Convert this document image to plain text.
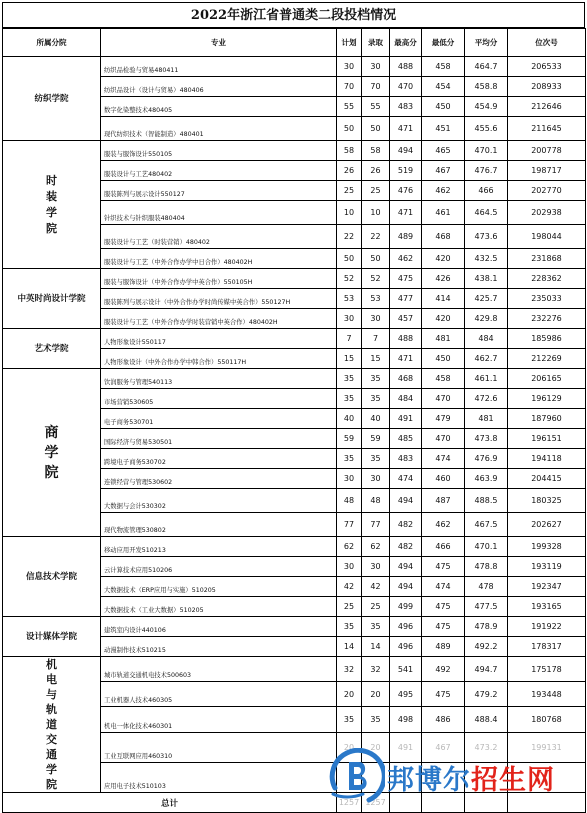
2022年浙江省普通类二段投档情况
所属分院	专业	计划	录取	最高分	最低分	平均分	位次号
纺织学院	纺织品检验与贸易480411	30	30	488	458	464.7	206533
	纺织品设计（设计与贸易）480406	70	70	470	454	458.8	208933
	数字化染整技术480405	55	55	483	450	454.9	212646
	现代纺织技术（智能制造）480401	50	50	471	451	455.6	211645
时装学院	服装与服饰设计550105	58	58	494	465	470.1	200778
	服装设计与工艺480402	26	26	519	467	476.7	198717
	服装陈列与展示设计550127	25	25	476	462	466	202770
	针织技术与针织服装480404	10	10	471	461	464.5	202938
	服装设计与工艺（时装营销）480402	22	22	489	468	473.6	198044
	服装设计与工艺（中外合作办学中日合作）480402H	50	50	462	420	432.5	231868
中英时尚设计学院	服装与服饰设计（中外合作办学中英合作）550105H	52	52	475	426	438.1	228362
	服装陈列与展示设计（中外合作办学时尚传媒中英合作）550127H	53	53	477	414	425.7	235033
	服装设计与工艺（中外合作办学时装营销中英合作）480402H	30	30	457	420	429.8	232276
艺术学院	人物形象设计550117	7	7	488	481	484	185986
	人物形象设计（中外合作办学中韩合作）550117H	15	15	471	450	462.7	212269
商学院	饮润服务与管理540113	35	35	468	458	461.1	206165
	市场营销530605	35	35	484	470	472.6	196129
	电子商务530701	40	40	491	479	481	187960
	国际经济与贸易530501	59	59	485	470	473.8	196151
	跨境电子商务530702	35	35	483	474	476.9	194118
	连锁经营与管理530602	30	30	474	460	463.9	204415
	大数据与会计530302	48	48	494	487	488.5	180325
	现代物流管理530802	77	77	482	462	467.5	202627
信息技术学院	移动应用开发510213	62	62	482	466	470.1	199328
	云计算技术应用510206	30	30	494	475	478.8	193119
	大数据技术（ERP应用与实施）510205	42	42	494	474	478	192347
	大数据技术（工业大数据）510205	25	25	499	475	477.5	193165
设计媒体学院	建筑室内设计440106	35	35	496	475	478.9	191922
	动漫制作技术510215	14	14	496	489	492.2	178317
机电与轨道交通学院	城市轨道交通机电技术500603	32	32	541	492	494.7	175178
	工业机器人技术460305	20	20	495	475	479.2	193448
	机电一体化技术460301	35	35	498	486	488.4	180768
	工业互联网应用460310	20	20	491	467	473.2	199131
	应用电子技术510103						
总计		1257	1257				
邦博尔招生网
